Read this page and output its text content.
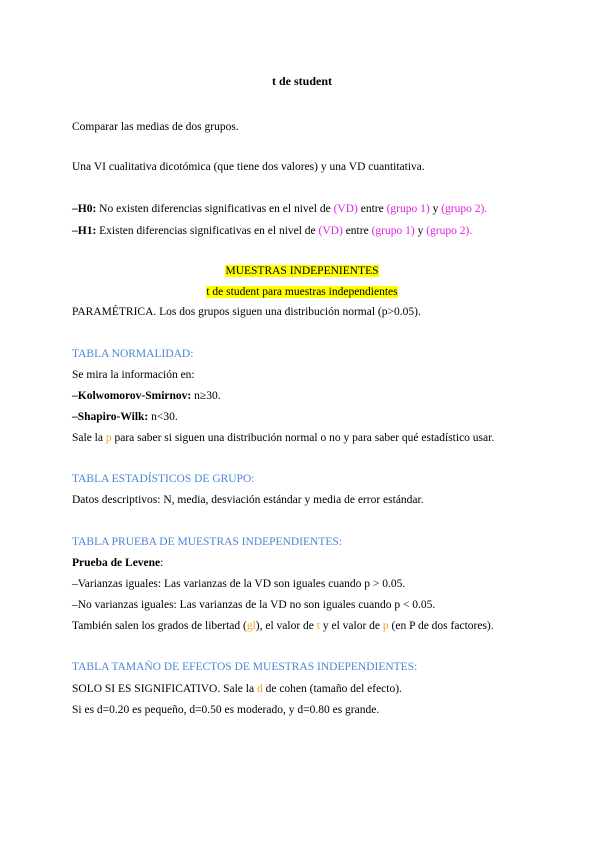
t de student
Comparar las medias de dos grupos.
Una VI cualitativa dicotómica (que tiene dos valores) y una VD cuantitativa.
–H0: No existen diferencias significativas en el nivel de (VD) entre (grupo 1) y (grupo 2).
–H1: Existen diferencias significativas en el nivel de (VD) entre (grupo 1) y (grupo 2).
MUESTRAS INDEPENIENTES
t de student para muestras independientes
PARAMÉTRICA. Los dos grupos siguen una distribución normal (p>0.05).
TABLA NORMALIDAD:
Se mira la información en:
–Kolwomorov-Smirnov: n≥30.
–Shapiro-Wilk: n<30.
Sale la p para saber si siguen una distribución normal o no y para saber qué estadístico usar.
TABLA ESTADÍSTICOS DE GRUPO:
Datos descriptivos: N, media, desviación estándar y media de error estándar.
TABLA PRUEBA DE MUESTRAS INDEPENDIENTES:
Prueba de Levene:
–Varianzas iguales: Las varianzas de la VD son iguales cuando p > 0.05.
–No varianzas iguales: Las varianzas de la VD no son iguales cuando p < 0.05.
También salen los grados de libertad (gl), el valor de t y el valor de p (en P de dos factores).
TABLA TAMAÑO DE EFECTOS DE MUESTRAS INDEPENDIENTES:
SOLO SI ES SIGNIFICATIVO. Sale la d de cohen (tamaño del efecto).
Si es d=0.20 es pequeño, d=0.50 es moderado, y d=0.80 es grande.
